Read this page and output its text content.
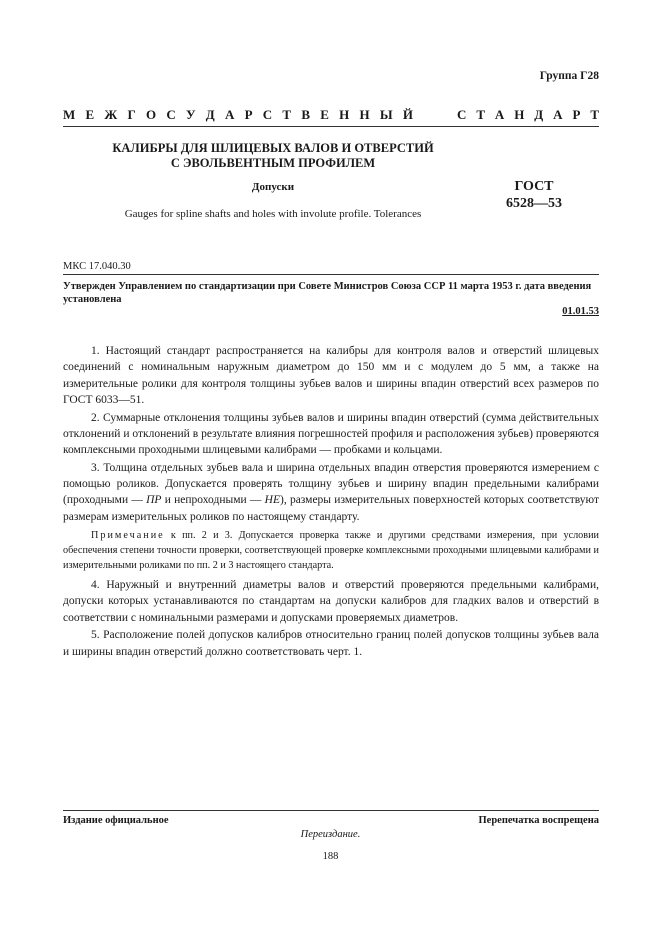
Группа Г28
М Е Ж Г О С У Д А Р С Т В Е Н Н Ы Й	С Т А Н Д А Р Т
КАЛИБРЫ ДЛЯ ШЛИЦЕВЫХ ВАЛОВ И ОТВЕРСТИЙ
С ЭВОЛЬВЕНТНЫМ ПРОФИЛЕМ
Допуски	ГОСТ
6528—53
Gauges for spline shafts and holes with involute profile. Tolerances
МКС 17.040.30
Утвержден Управлением по стандартизации при Совете Министров Союза ССР 11 марта 1953 г. дата введения установлена
01.01.53

1. Настоящий стандарт распространяется на калибры для контроля валов и отверстий шлицевых соединений с номинальным наружным диаметром до 150 мм и с модулем до 5 мм, а также на измерительные ролики для контроля толщины зубьев валов и ширины впадин отверстий всех размеров по ГОСТ 6033—51.

2. Суммарные отклонения толщины зубьев валов и ширины впадин отверстий (сумма действительных отклонений и отклонений в результате влияния погрешностей профиля и расположения зубьев) проверяются комплексными проходными шлицевыми калибрами — пробками и кольцами.

3. Толщина отдельных зубьев вала и ширина отдельных впадин отверстия проверяются измерением с помощью роликов. Допускается проверять толщину зубьев и ширину впадин предельными калибрами (проходными — ПР и непроходными — НЕ), размеры измерительных поверхностей которых соответствуют размерам измерительных роликов по настоящему стандарту.

Примечание к пп. 2 и 3. Допускается проверка также и другими средствами измерения, при условии обеспечения степени точности проверки, соответствующей проверке комплексными проходными шлицевыми калибрами и измерительными роликами по пп. 2 и 3 настоящего стандарта.

4. Наружный и внутренний диаметры валов и отверстий проверяются предельными калибрами, допуски которых устанавливаются по стандартам на допуски калибров для гладких валов и отверстий в соответствии с номинальными размерами и допусками проверяемых диаметров.

5. Расположение полей допусков калибров относительно границ полей допусков толщины зубьев вала и ширины впадин отверстий должно соответствовать черт. 1.

Издание официальное	Перепечатка воспрещена
Переиздание.
188
